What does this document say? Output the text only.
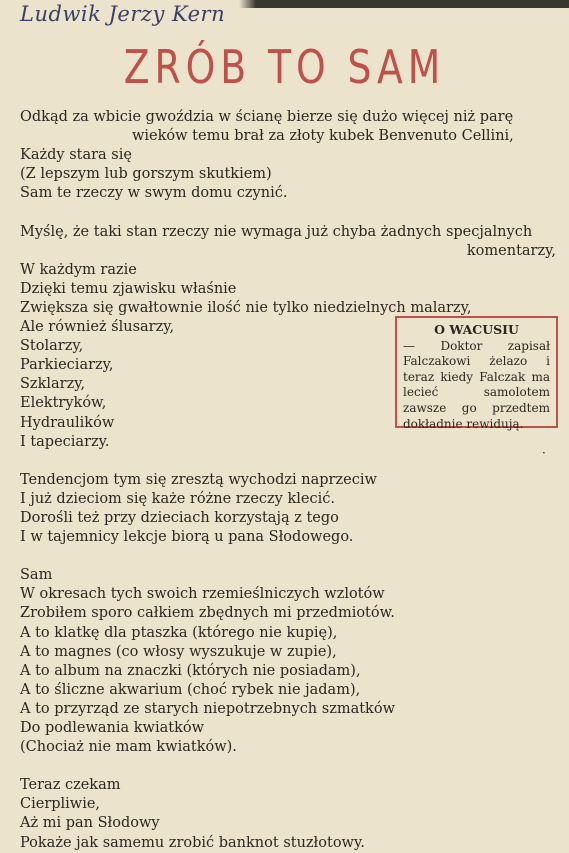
Ludwik Jerzy Kern
ZRÓB TO SAM
Odkąd za wbicie gwoździa w ścianę bierze się dużo więcej niż parę
wieków temu brał za złoty kubek Benvenuto Cellini,
Każdy stara się
(Z lepszym lub gorszym skutkiem)
Sam te rzeczy w swym domu czynić.
Myślę, że taki stan rzeczy nie wymaga już chyba żadnych specjalnych
komentarzy,
W każdym razie
Dzięki temu zjawisku właśnie
Zwiększa się gwałtownie ilość nie tylko niedzielnych malarzy,
Ale również ślusarzy,
Stolarzy,
Parkieciarzy,
Szklarzy,
Elektryków,
Hydraulików
I tapeciarzy.
Tendencjom tym się zresztą wychodzi naprzeciw
I już dzieciom się każe różne rzeczy klecić.
Dorośli też przy dzieciach korzystają z tego
I w tajemnicy lekcje biorą u pana Słodowego.
Sam
W okresach tych swoich rzemieślniczych wzlotów
Zrobiłem sporo całkiem zbędnych mi przedmiotów.
A to klatkę dla ptaszka (którego nie kupię),
A to magnes (co włosy wyszukuje w zupie),
A to album na znaczki (których nie posiadam),
A to śliczne akwarium (choć rybek nie jadam),
A to przyrząd ze starych niepotrzebnych szmatków
Do podlewania kwiatków
(Chociaż nie mam kwiatków).
Teraz czekam
Cierpliwie,
Aż mi pan Słodowy
Pokaże jak samemu zrobić banknot stuzłotowy.
O WACUSIU
— Doktor zapisał Falczakowi żelazo i teraz kiedy Falczak ma lecieć samolotem zawsze go przedtem dokładnie rewidują.
·
